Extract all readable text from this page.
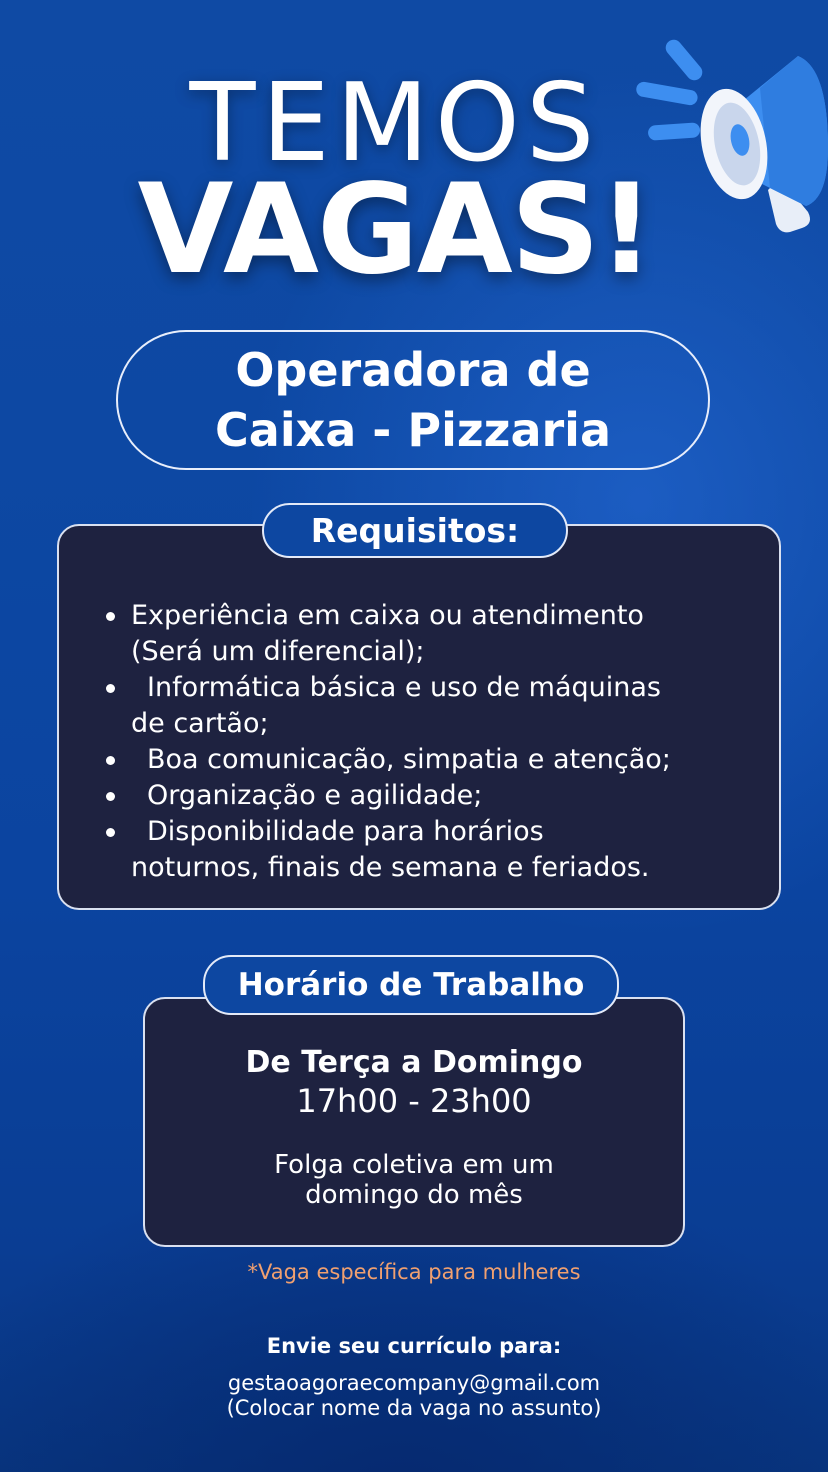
TEMOS
VAGAS!
Operadora de
Caixa - Pizzaria
Experiência em caixa ou atendimento
(Será um diferencial);
Informática básica e uso de máquinas
de cartão;
Boa comunicação, simpatia e atenção;
Organização e agilidade;
Disponibilidade para horários
noturnos, finais de semana e feriados.
Requisitos:
Horário de Trabalho
De Terça a Domingo
17h00 - 23h00
Folga coletiva em um
domingo do mês
*Vaga específica para mulheres
Envie seu currículo para:
gestaoagoraecompany@gmail.com
(Colocar nome da vaga no assunto)
